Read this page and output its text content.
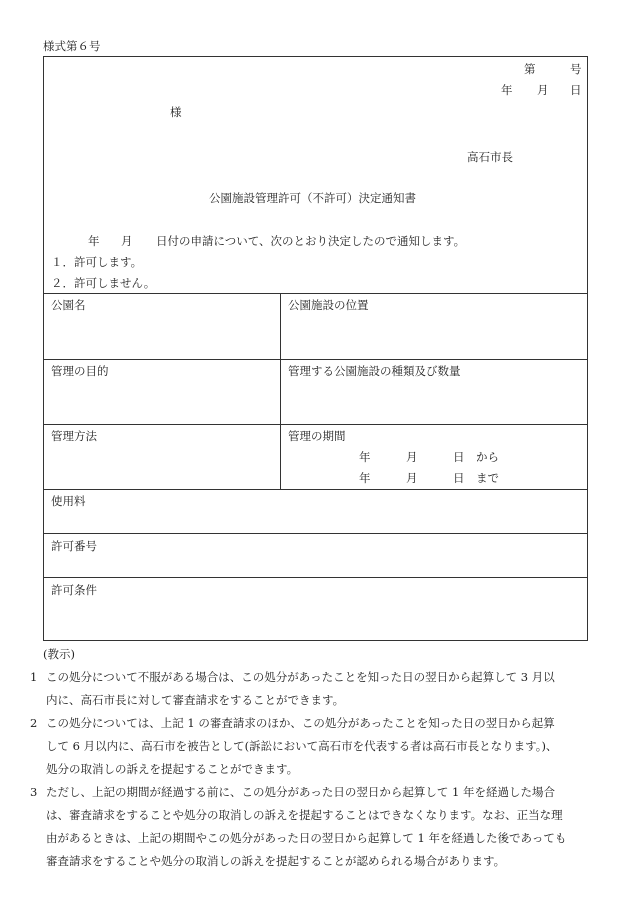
様式第６号
第	号
年 月 日
様
高石市長
公園施設管理許可（不許可）決定通知書
年 月 日付の申請について、次のとおり決定したので通知します。
１．許可します。
２．許可しません。
公園名	公園施設の位置
管理の目的	管理する公園施設の種類及び数量
管理方法	管理の期間
年	月	日 から
年	月	日 まで
使用料
許可番号
許可条件
(教示)
1 この処分について不服がある場合は、この処分があったことを知った日の翌日から起算して 3 月以
内に、高石市長に対して審査請求をすることができます。
2 この処分については、上記 1 の審査請求のほか、この処分があったことを知った日の翌日から起算
して 6 月以内に、高石市を被告として(訴訟において高石市を代表する者は高石市長となります。)、
処分の取消しの訴えを提起することができます。
3 ただし、上記の期間が経過する前に、この処分があった日の翌日から起算して 1 年を経過した場合
は、審査請求をすることや処分の取消しの訴えを提起することはできなくなります。なお、正当な理
由があるときは、上記の期間やこの処分があった日の翌日から起算して 1 年を経過した後であっても
審査請求をすることや処分の取消しの訴えを提起することが認められる場合があります。
